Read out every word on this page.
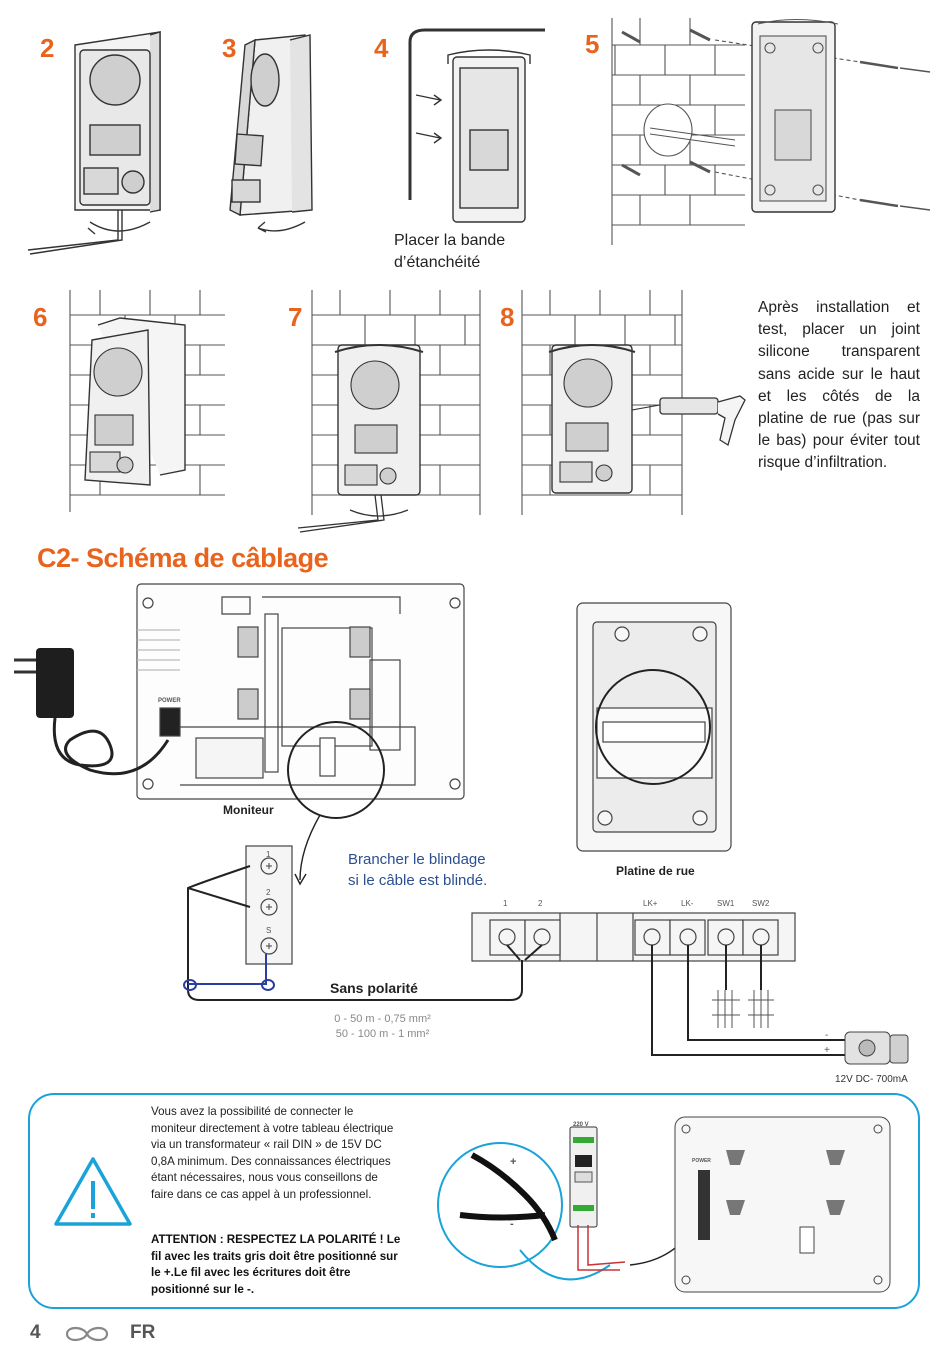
2	3	4	5
6	7	8
Placer la bande
d’étanchéité
Après installation et test, placer un joint silicone transparent sans acide sur le haut et les côtés de la platine de rue (pas sur le bas) pour éviter tout risque d’infiltration.
C2- Schéma de câblage
Moniteur
POWER
Platine de rue
Brancher le blindage
si le câble est blindé.
1
2
S
1	2	LK+	LK-	SW1 SW2
Sans polarité
0 - 50 m - 0,75 mm²
50 - 100 m - 1 mm²	-
+
12V DC- 700mA
Vous avez la possibilité de connecter le moniteur directement à votre tableau électrique via un transformateur « rail DIN » de 15V DC 0,8A minimum. Des connaissances électriques étant nécessaires, nous vous conseillons de faire dans ce cas appel à un professionnel.
ATTENTION : RESPECTEZ LA POLARITÉ ! Le fil avec les traits gris doit être positionné sur le +.Le fil avec les écritures doit être positionné sur le -.
220 V
+
-
POWER
4	FR
